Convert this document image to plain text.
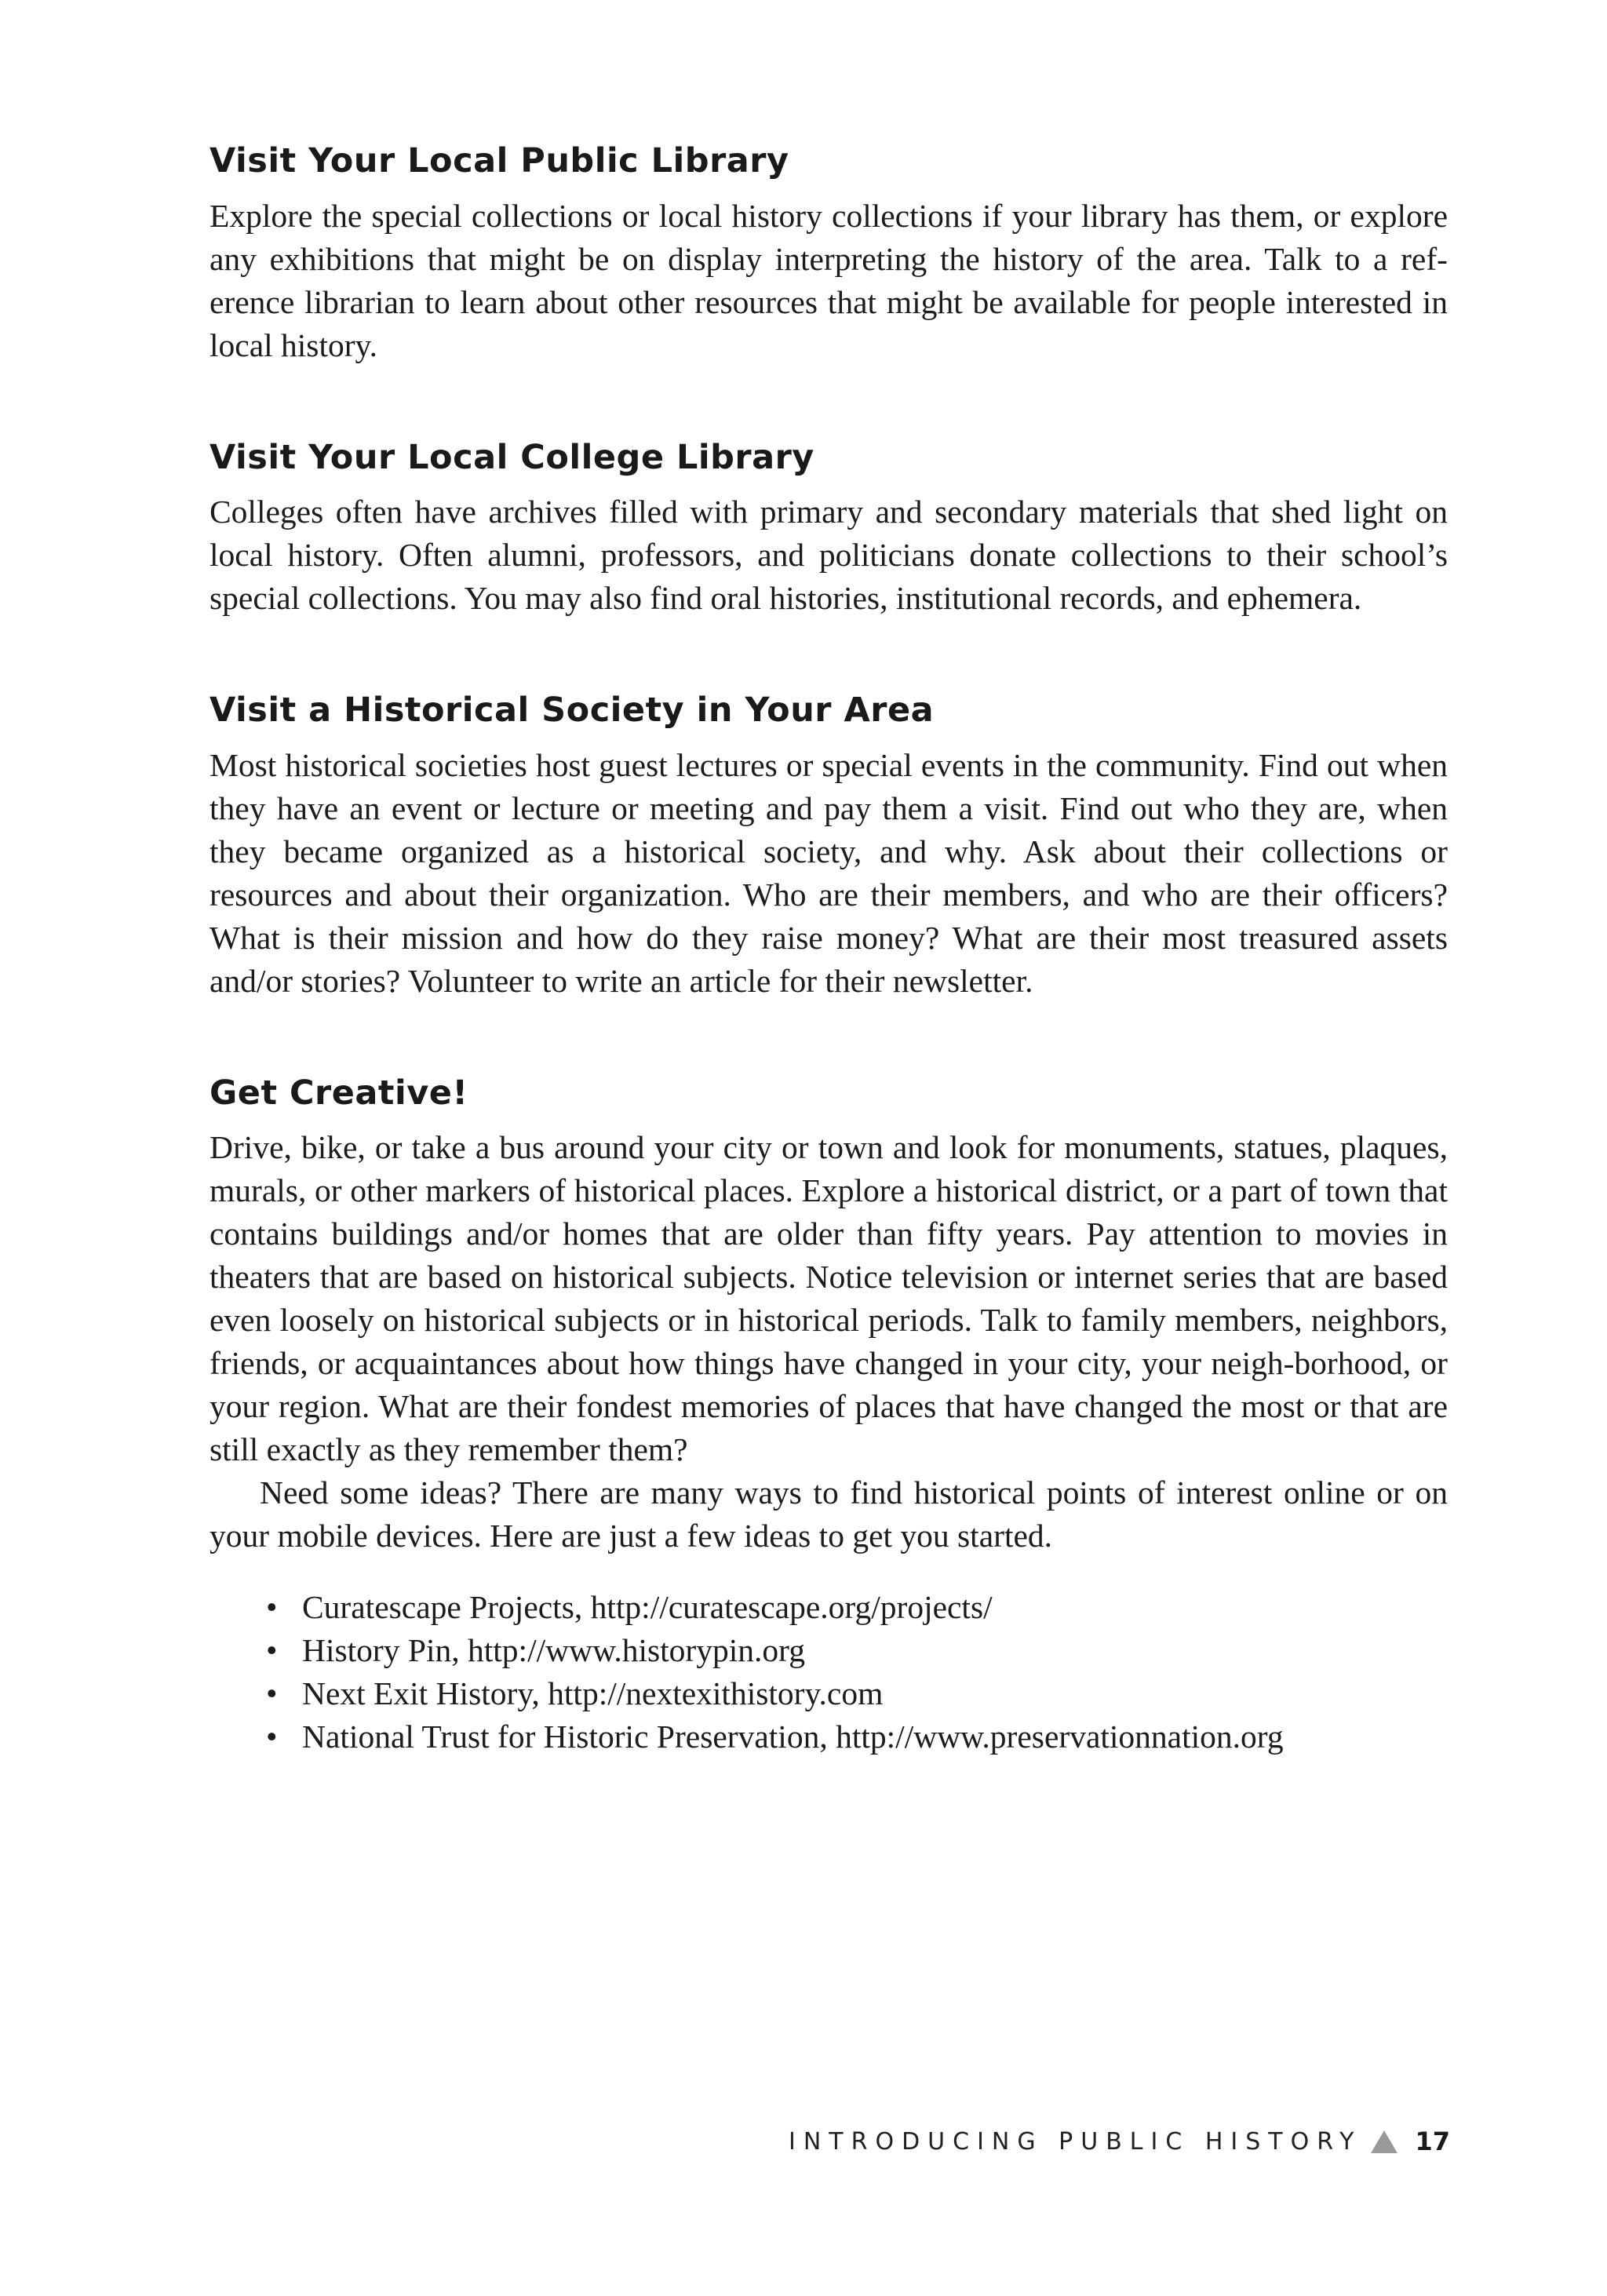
Visit Your Local Public Library

Explore the special collections or local history collections if your library has them, or explore any exhibitions that might be on display interpreting the history of the area. Talk to a ref-erence librarian to learn about other resources that might be available for people interested in local history.

Visit Your Local College Library

Colleges often have archives filled with primary and secondary materials that shed light on local history. Often alumni, professors, and politicians donate collections to their school’s special collections. You may also find oral histories, institutional records, and ephemera.

Visit a Historical Society in Your Area

Most historical societies host guest lectures or special events in the community. Find out when they have an event or lecture or meeting and pay them a visit. Find out who they are, when they became organized as a historical society, and why. Ask about their collections or resources and about their organization. Who are their members, and who are their officers? What is their mission and how do they raise money? What are their most treasured assets and/or stories? Volunteer to write an article for their newsletter.

Get Creative!

Drive, bike, or take a bus around your city or town and look for monuments, statues, plaques, murals, or other markers of historical places. Explore a historical district, or a part of town that contains buildings and/or homes that are older than fifty years. Pay attention to movies in theaters that are based on historical subjects. Notice television or internet series that are based even loosely on historical subjects or in historical periods. Talk to family members, neighbors, friends, or acquaintances about how things have changed in your city, your neigh-borhood, or your region. What are their fondest memories of places that have changed the most or that are still exactly as they remember them?

Need some ideas? There are many ways to find historical points of interest online or on your mobile devices. Here are just a few ideas to get you started.

• Curatescape Projects, http://curatescape.org/projects/
• History Pin, http://www.historypin.org
• Next Exit History, http://nextexithistory.com
• National Trust for Historic Preservation, http://www.preservationnation.org
INTRODUCING PUBLIC HISTORY 17
